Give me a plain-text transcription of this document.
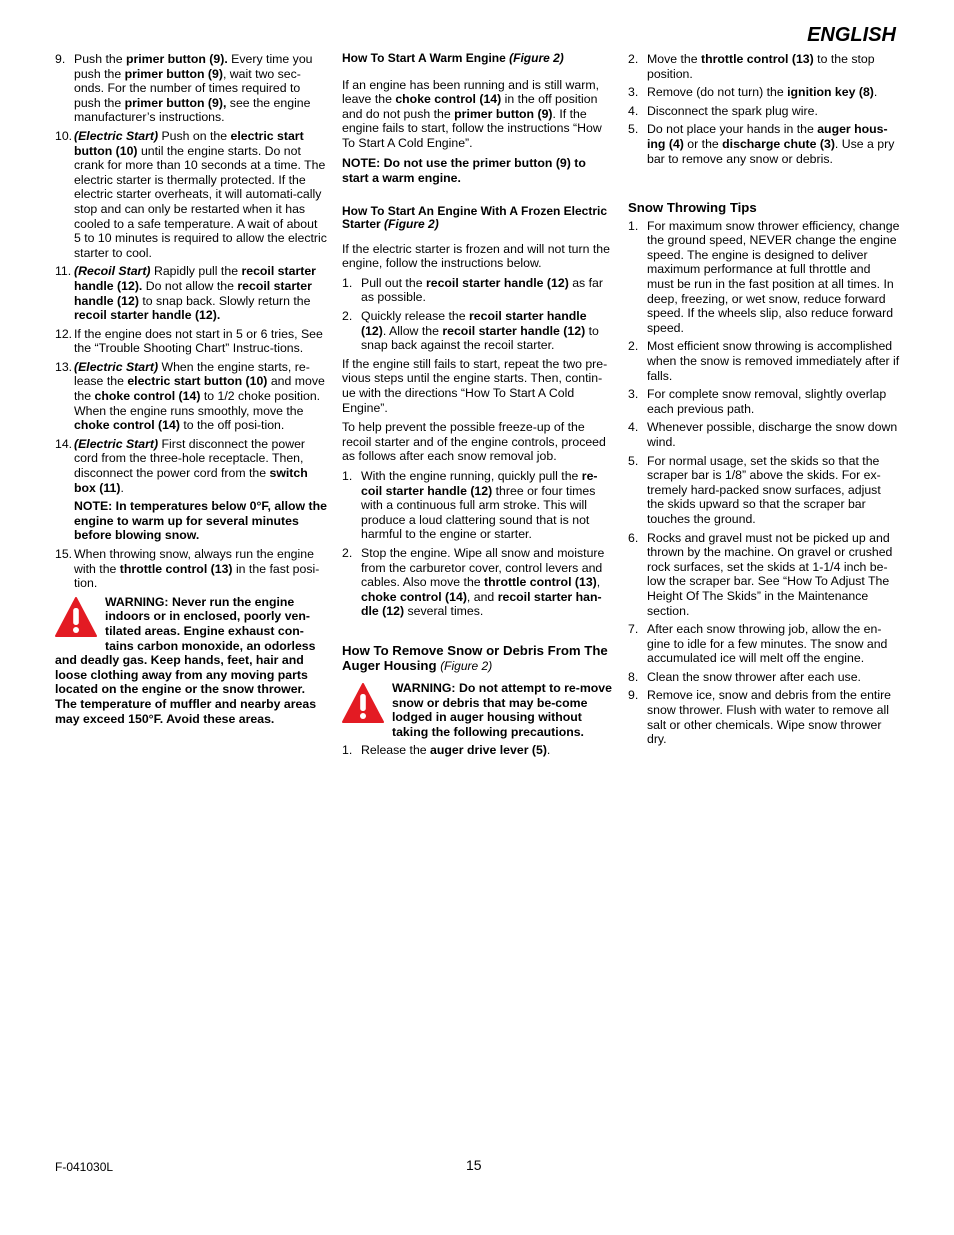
ENGLISH
9. Push the primer button (9). Every time you push the primer button (9), wait two sec-onds. For the number of times required to push the primer button (9), see the engine manufacturer’s instructions.
10. (Electric Start) Push on the electric start button (10) until the engine starts. Do not crank for more than 10 seconds at a time. The electric starter is thermally protected. If the electric starter overheats, it will automati-cally stop and can only be restarted when it has cooled to a safe temperature. A wait of about 5 to 10 minutes is required to allow the electric starter to cool.
11. (Recoil Start) Rapidly pull the recoil starter handle (12). Do not allow the recoil starter handle (12) to snap back. Slowly return the recoil starter handle (12).
12. If the engine does not start in 5 or 6 tries, See the “Trouble Shooting Chart” Instruc-tions.
13. (Electric Start) When the engine starts, re-lease the electric start button (10) and move the choke control (14) to 1/2 choke position. When the engine runs smoothly, move the choke control (14) to the off posi-tion.
14. (Electric Start) First disconnect the power cord from the three-hole receptacle. Then, disconnect the power cord from the switch box (11).
NOTE: In temperatures below 0°F, allow the engine to warm up for several minutes before blowing snow.
15. When throwing snow, always run the engine with the throttle control (13) in the fast posi-tion.
WARNING: Never run the engine indoors or in enclosed, poorly ven-tilated areas. Engine exhaust con-tains carbon monoxide, an odorless and deadly gas. Keep hands, feet, hair and loose clothing away from any moving parts located on the engine or the snow thrower. The temperature of muffler and nearby areas may exceed 150°F. Avoid these areas.
How To Start A Warm Engine (Figure 2)

If an engine has been running and is still warm, leave the choke control (14) in the off position and do not push the primer button (9). If the engine fails to start, follow the instructions “How To Start A Cold Engine”.

NOTE: Do not use the primer button (9) to start a warm engine.

How To Start An Engine With A Frozen Electric Starter (Figure 2)

If the electric starter is frozen and will not turn the engine, follow the instructions below.

1. Pull out the recoil starter handle (12) as far as possible.
2. Quickly release the recoil starter handle (12). Allow the recoil starter handle (12) to snap back against the recoil starter.

If the engine still fails to start, repeat the two pre-vious steps until the engine starts. Then, contin-ue with the directions “How To Start A Cold Engine”.

To help prevent the possible freeze-up of the recoil starter and of the engine controls, proceed as follows after each snow removal job.

1. With the engine running, quickly pull the re-coil starter handle (12) three or four times with a continuous full arm stroke. This will produce a loud clattering sound that is not harmful to the engine or starter.
2. Stop the engine. Wipe all snow and moisture from the carburetor cover, control levers and cables. Also move the throttle control (13), choke control (14), and recoil starter han-dle (12) several times.
How To Remove Snow or Debris From The Auger Housing (Figure 2)
WARNING: Do not attempt to re-move snow or debris that may be-come lodged in auger housing without taking the following precautions.
1. Release the auger drive lever (5).
2. Move the throttle control (13) to the stop position.
3. Remove (do not turn) the ignition key (8).
4. Disconnect the spark plug wire.
5. Do not place your hands in the auger hous-ing (4) or the discharge chute (3). Use a pry bar to remove any snow or debris.
Snow Throwing Tips
1. For maximum snow thrower efficiency, change the ground speed, NEVER change the engine speed. The engine is designed to deliver maximum performance at full throttle and must be run in the fast position at all times. In deep, freezing, or wet snow, reduce forward speed. If the wheels slip, also reduce forward speed.
2. Most efficient snow throwing is accomplished when the snow is removed immediately after if falls.
3. For complete snow removal, slightly overlap each previous path.
4. Whenever possible, discharge the snow down wind.
5. For normal usage, set the skids so that the scraper bar is 1/8” above the skids. For ex-tremely hard-packed snow surfaces, adjust the skids upward so that the scraper bar touches the ground.
6. Rocks and gravel must not be picked up and thrown by the machine. On gravel or crushed rock surfaces, set the skids at 1-1/4 inch be-low the scraper bar. See “How To Adjust The Height Of The Skids” in the Maintenance section.
7. After each snow throwing job, allow the en-gine to idle for a few minutes. The snow and accumulated ice will melt off the engine.
8. Clean the snow thrower after each use.
9. Remove ice, snow and debris from the entire snow thrower. Flush with water to remove all salt or other chemicals. Wipe snow thrower dry.
F-041030L	15
